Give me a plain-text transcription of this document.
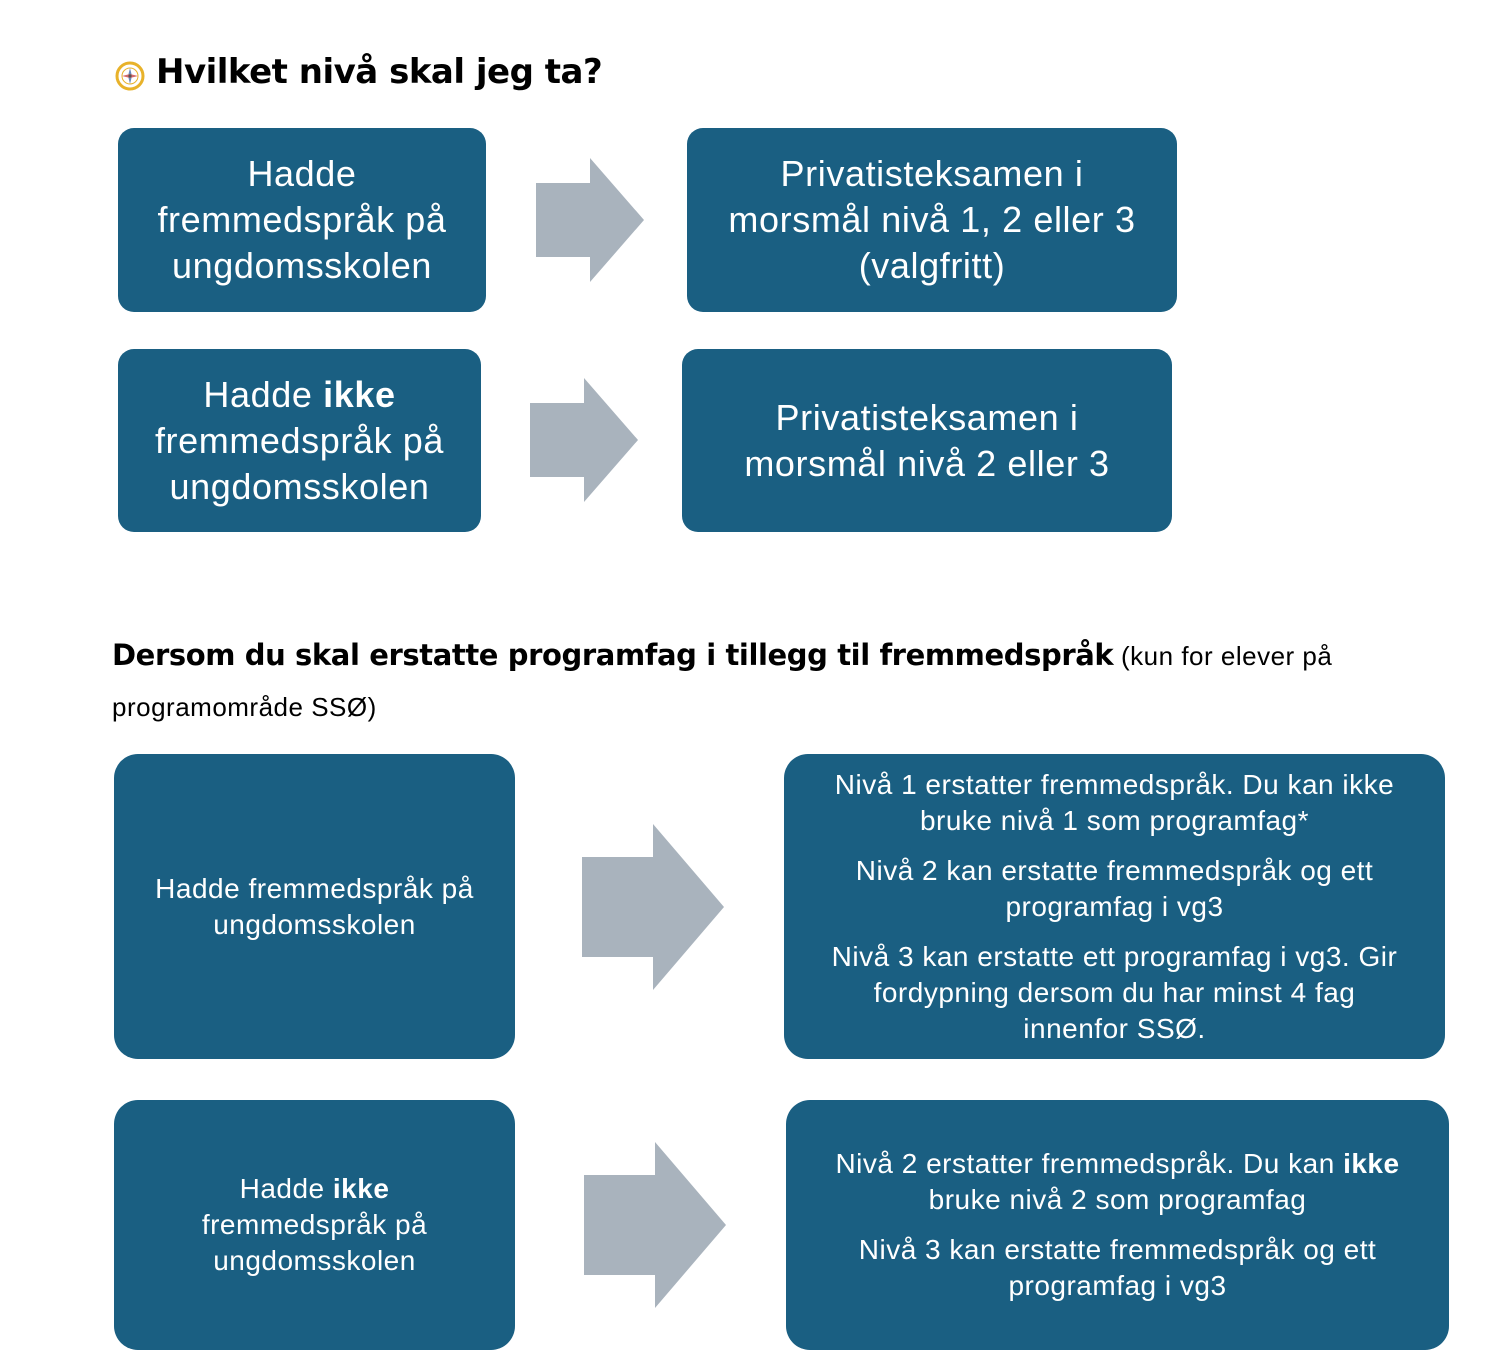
Hvilket nivå skal jeg ta?

Hadde

fremmedspråk på

ungdomsskolen

Privatisteksamen i

morsmål nivå 1, 2 eller 3

(valgfritt)

Hadde ikke

fremmedspråk på

ungdomsskolen

Privatisteksamen i

morsmål nivå 2 eller 3

Dersom du skal erstatte programfag i tillegg til fremmedspråk (kun for elever på programområde SSØ)

Hadde fremmedspråk på

ungdomsskolen

Nivå 1 erstatter fremmedspråk. Du kan ikke

bruke nivå 1 som programfag*

Nivå 2 kan erstatte fremmedspråk og ett

programfag i vg3

Nivå 3 kan erstatte ett programfag i vg3. Gir

fordypning dersom du har minst 4 fag

innenfor SSØ.

Hadde ikke

fremmedspråk på

ungdomsskolen

Nivå 2 erstatter fremmedspråk. Du kan ikke

bruke nivå 2 som programfag

Nivå 3 kan erstatte fremmedspråk og ett

programfag i vg3
